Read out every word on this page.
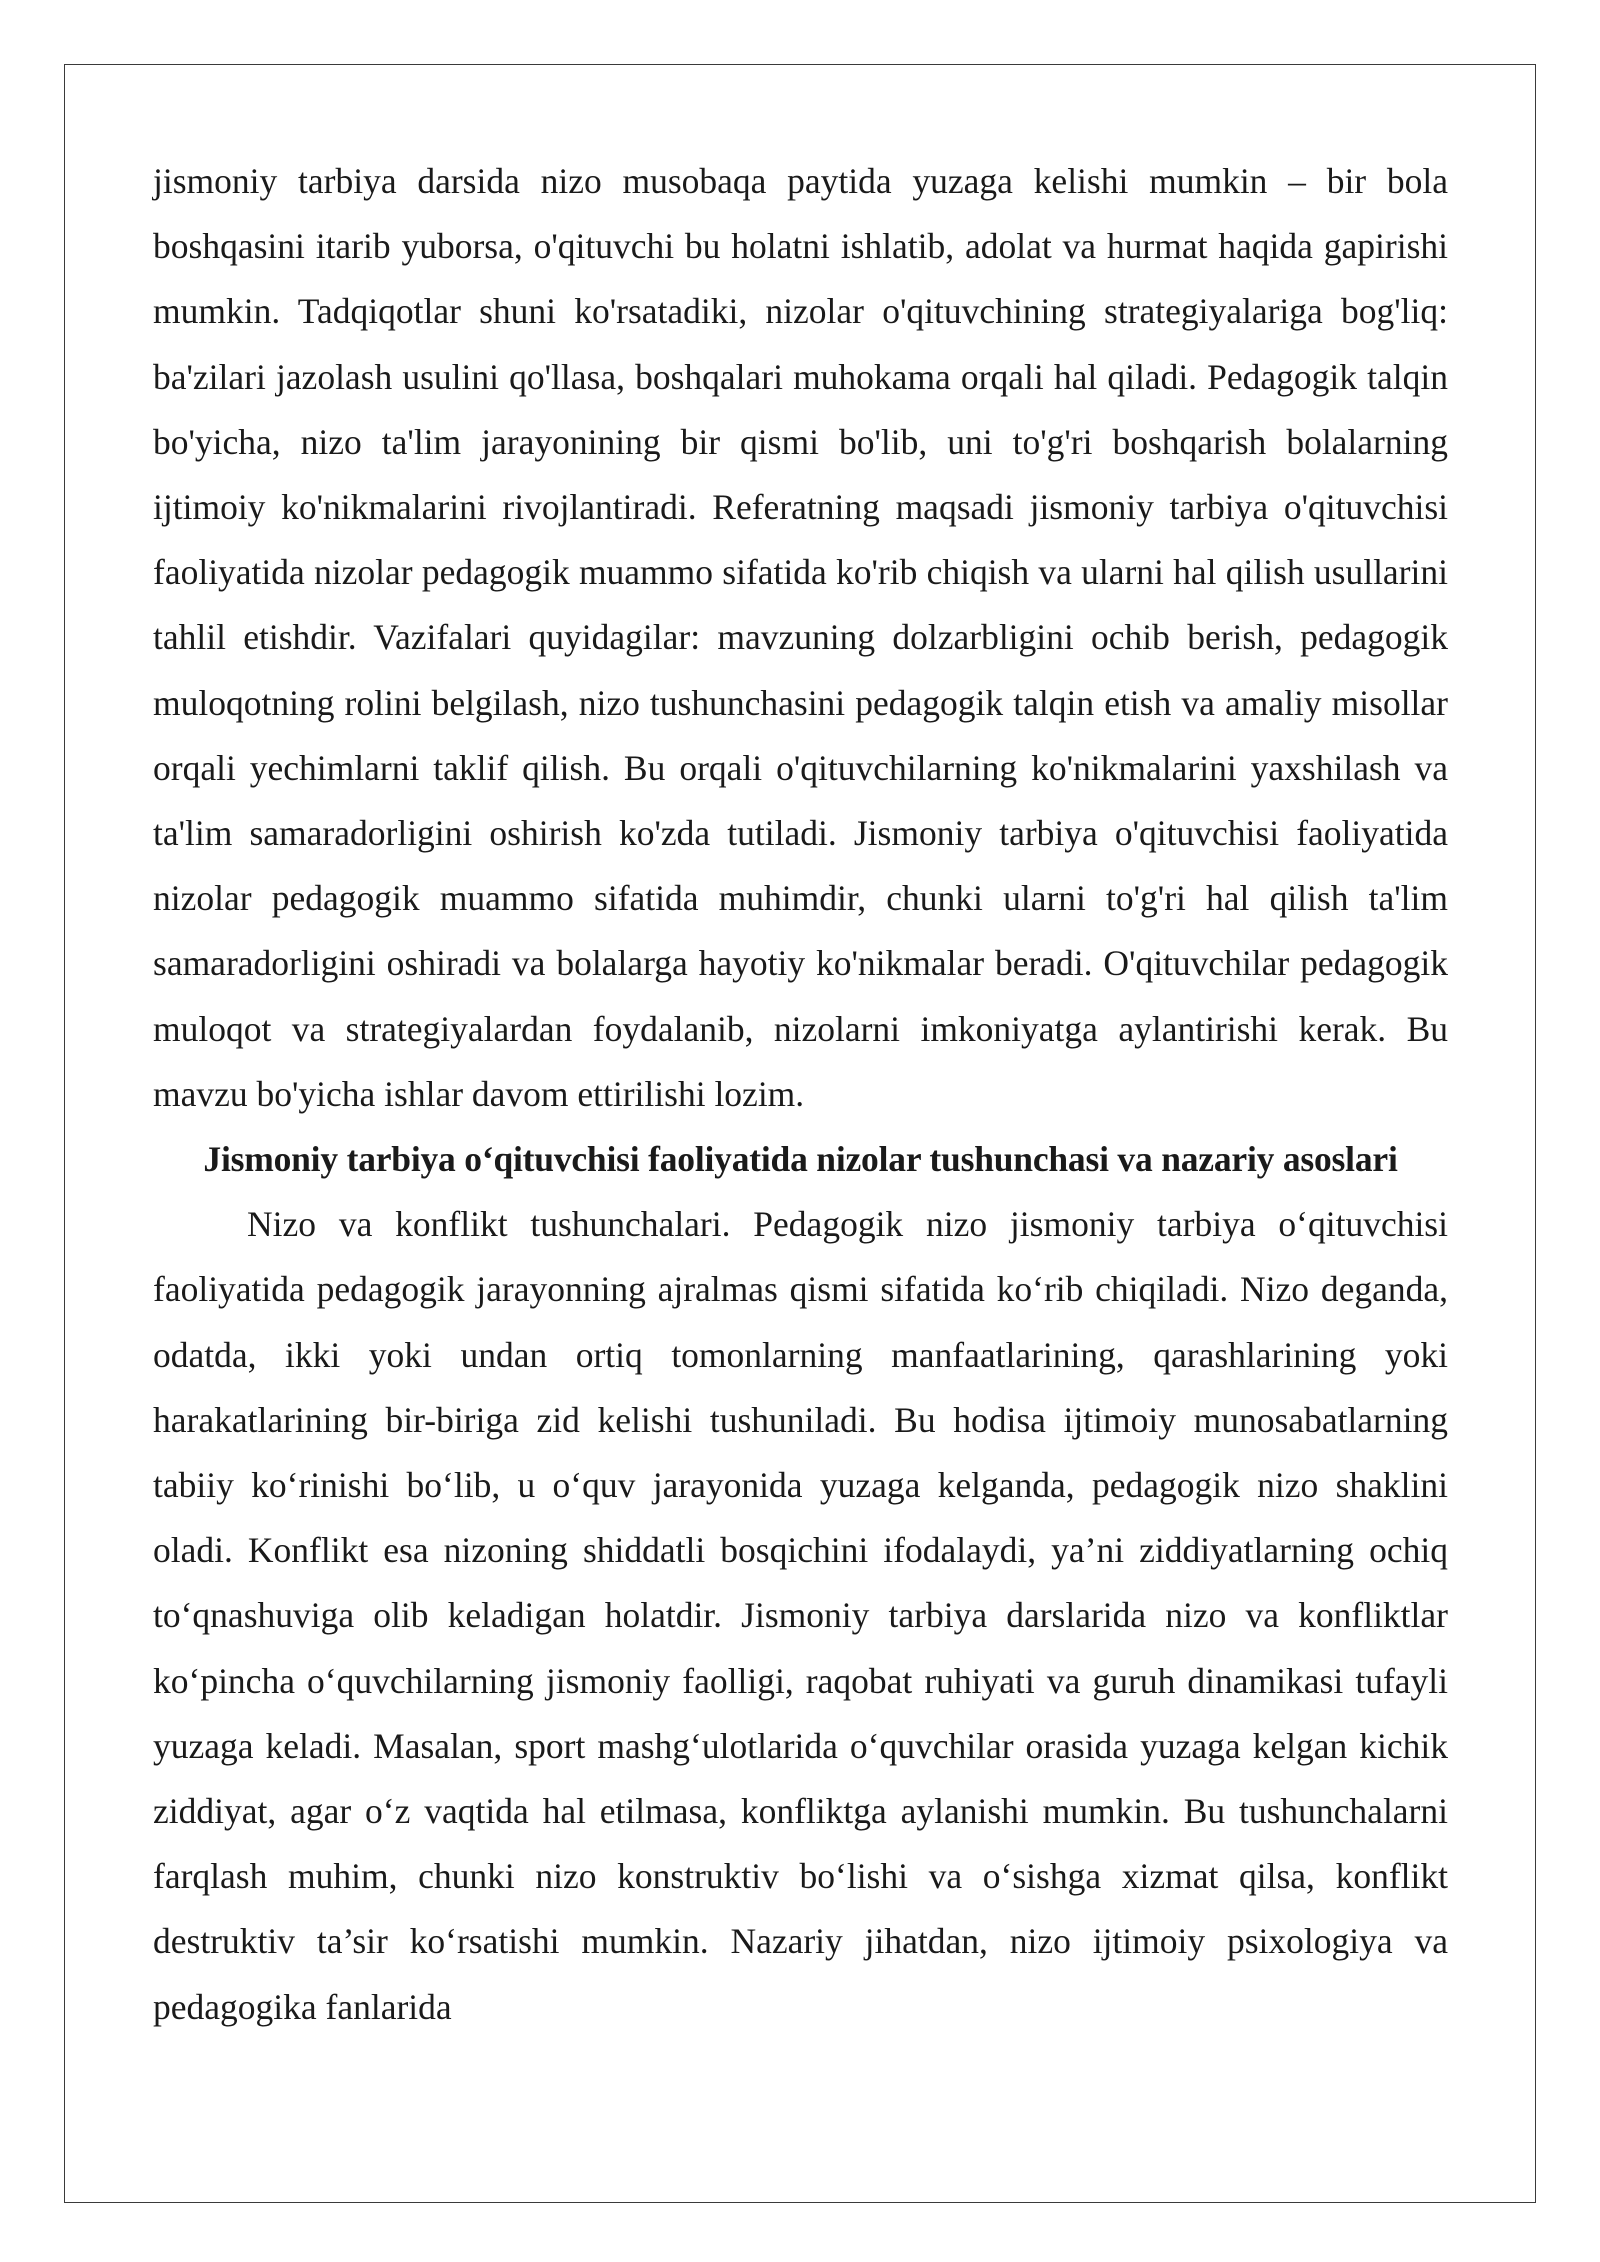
jismoniy tarbiya darsida nizo musobaqa paytida yuzaga kelishi mumkin – bir bola boshqasini itarib yuborsa, o'qituvchi bu holatni ishlatib, adolat va hurmat haqida gapirishi mumkin. Tadqiqotlar shuni ko'rsatadiki, nizolar o'qituvchining strategiyalariga bog'liq: ba'zilari jazolash usulini qo'llasa, boshqalari muhokama orqali hal qiladi. Pedagogik talqin bo'yicha, nizo ta'lim jarayonining bir qismi bo'lib, uni to'g'ri boshqarish bolalarning ijtimoiy ko'nikmalarini rivojlantiradi. Referatning maqsadi jismoniy tarbiya o'qituvchisi faoliyatida nizolar pedagogik muammo sifatida ko'rib chiqish va ularni hal qilish usullarini tahlil etishdir. Vazifalari quyidagilar: mavzuning dolzarbligini ochib berish, pedagogik muloqotning rolini belgilash, nizo tushunchasini pedagogik talqin etish va amaliy misollar orqali yechimlarni taklif qilish. Bu orqali o'qituvchilarning ko'nikmalarini yaxshilash va ta'lim samaradorligini oshirish ko'zda tutiladi. Jismoniy tarbiya o'qituvchisi faoliyatida nizolar pedagogik muammo sifatida muhimdir, chunki ularni to'g'ri hal qilish ta'lim samaradorligini oshiradi va bolalarga hayotiy ko'nikmalar beradi. O'qituvchilar pedagogik muloqot va strategiyalardan foydalanib, nizolarni imkoniyatga aylantirishi kerak. Bu mavzu bo'yicha ishlar davom ettirilishi lozim.

Jismoniy tarbiya o‘qituvchisi faoliyatida nizolar tushunchasi va nazariy asoslari

Nizo va konflikt tushunchalari. Pedagogik nizo jismoniy tarbiya o‘qituvchisi faoliyatida pedagogik jarayonning ajralmas qismi sifatida ko‘rib chiqiladi. Nizo deganda, odatda, ikki yoki undan ortiq tomonlarning manfaatlarining, qarashlarining yoki harakatlarining bir-biriga zid kelishi tushuniladi. Bu hodisa ijtimoiy munosabatlarning tabiiy ko‘rinishi bo‘lib, u o‘quv jarayonida yuzaga kelganda, pedagogik nizo shaklini oladi. Konflikt esa nizoning shiddatli bosqichini ifodalaydi, ya’ni ziddiyatlarning ochiq to‘qnashuviga olib keladigan holatdir. Jismoniy tarbiya darslarida nizo va konfliktlar ko‘pincha o‘quvchilarning jismoniy faolligi, raqobat ruhiyati va guruh dinamikasi tufayli yuzaga keladi. Masalan, sport mashg‘ulotlarida o‘quvchilar orasida yuzaga kelgan kichik ziddiyat, agar o‘z vaqtida hal etilmasa, konfliktga aylanishi mumkin. Bu tushunchalarni farqlash muhim, chunki nizo konstruktiv bo‘lishi va o‘sishga xizmat qilsa, konflikt destruktiv ta’sir ko‘rsatishi mumkin. Nazariy jihatdan, nizo ijtimoiy psixologiya va pedagogika fanlarida
